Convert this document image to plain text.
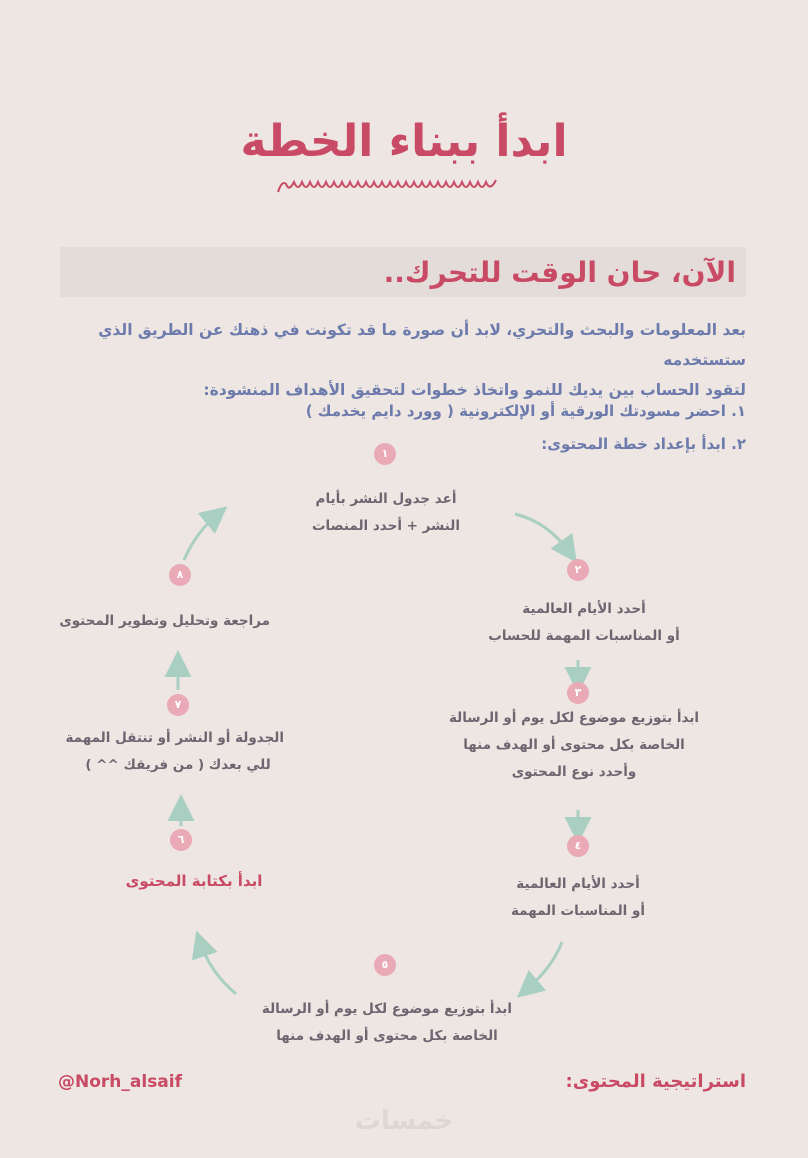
ابدأ ببناء الخطة
الآن، حان الوقت للتحرك..

بعد المعلومات والبحث والتحري، لابد أن صورة ما قد تكونت في ذهنك عن الطريق الذي ستستخدمه
لتقود الحساب بين يديك للنمو واتخاذ خطوات لتحقيق الأهداف المنشودة:

١. احضر مسودتك الورقية أو الإلكترونية ( وورد دايم يخدمك )

٢. ابدأ بإعداد خطة المحتوى:

١
٢
٣
٤
٥
٦
٧
٨

أعد جدول النشر بأيام
النشر + أحدد المنصات

أحدد الأيام العالمية
أو المناسبات المهمة للحساب

ابدأ بتوزيع موضوع لكل يوم أو الرسالة
الخاصة بكل محتوى أو الهدف منها
وأحدد نوع المحتوى

أحدد الأيام العالمية
أو المناسبات المهمة

ابدأ بتوزيع موضوع لكل يوم أو الرسالة
الخاصة بكل محتوى أو الهدف منها

ابدأ بكتابة المحتوى

الجدولة أو النشر أو تنتقل المهمة
للي بعدك ( من فريقك ^^ )

مراجعة وتحليل وتطوير المحتوى

@Norh_alsaif	استراتيجية المحتوى:
خمسات
